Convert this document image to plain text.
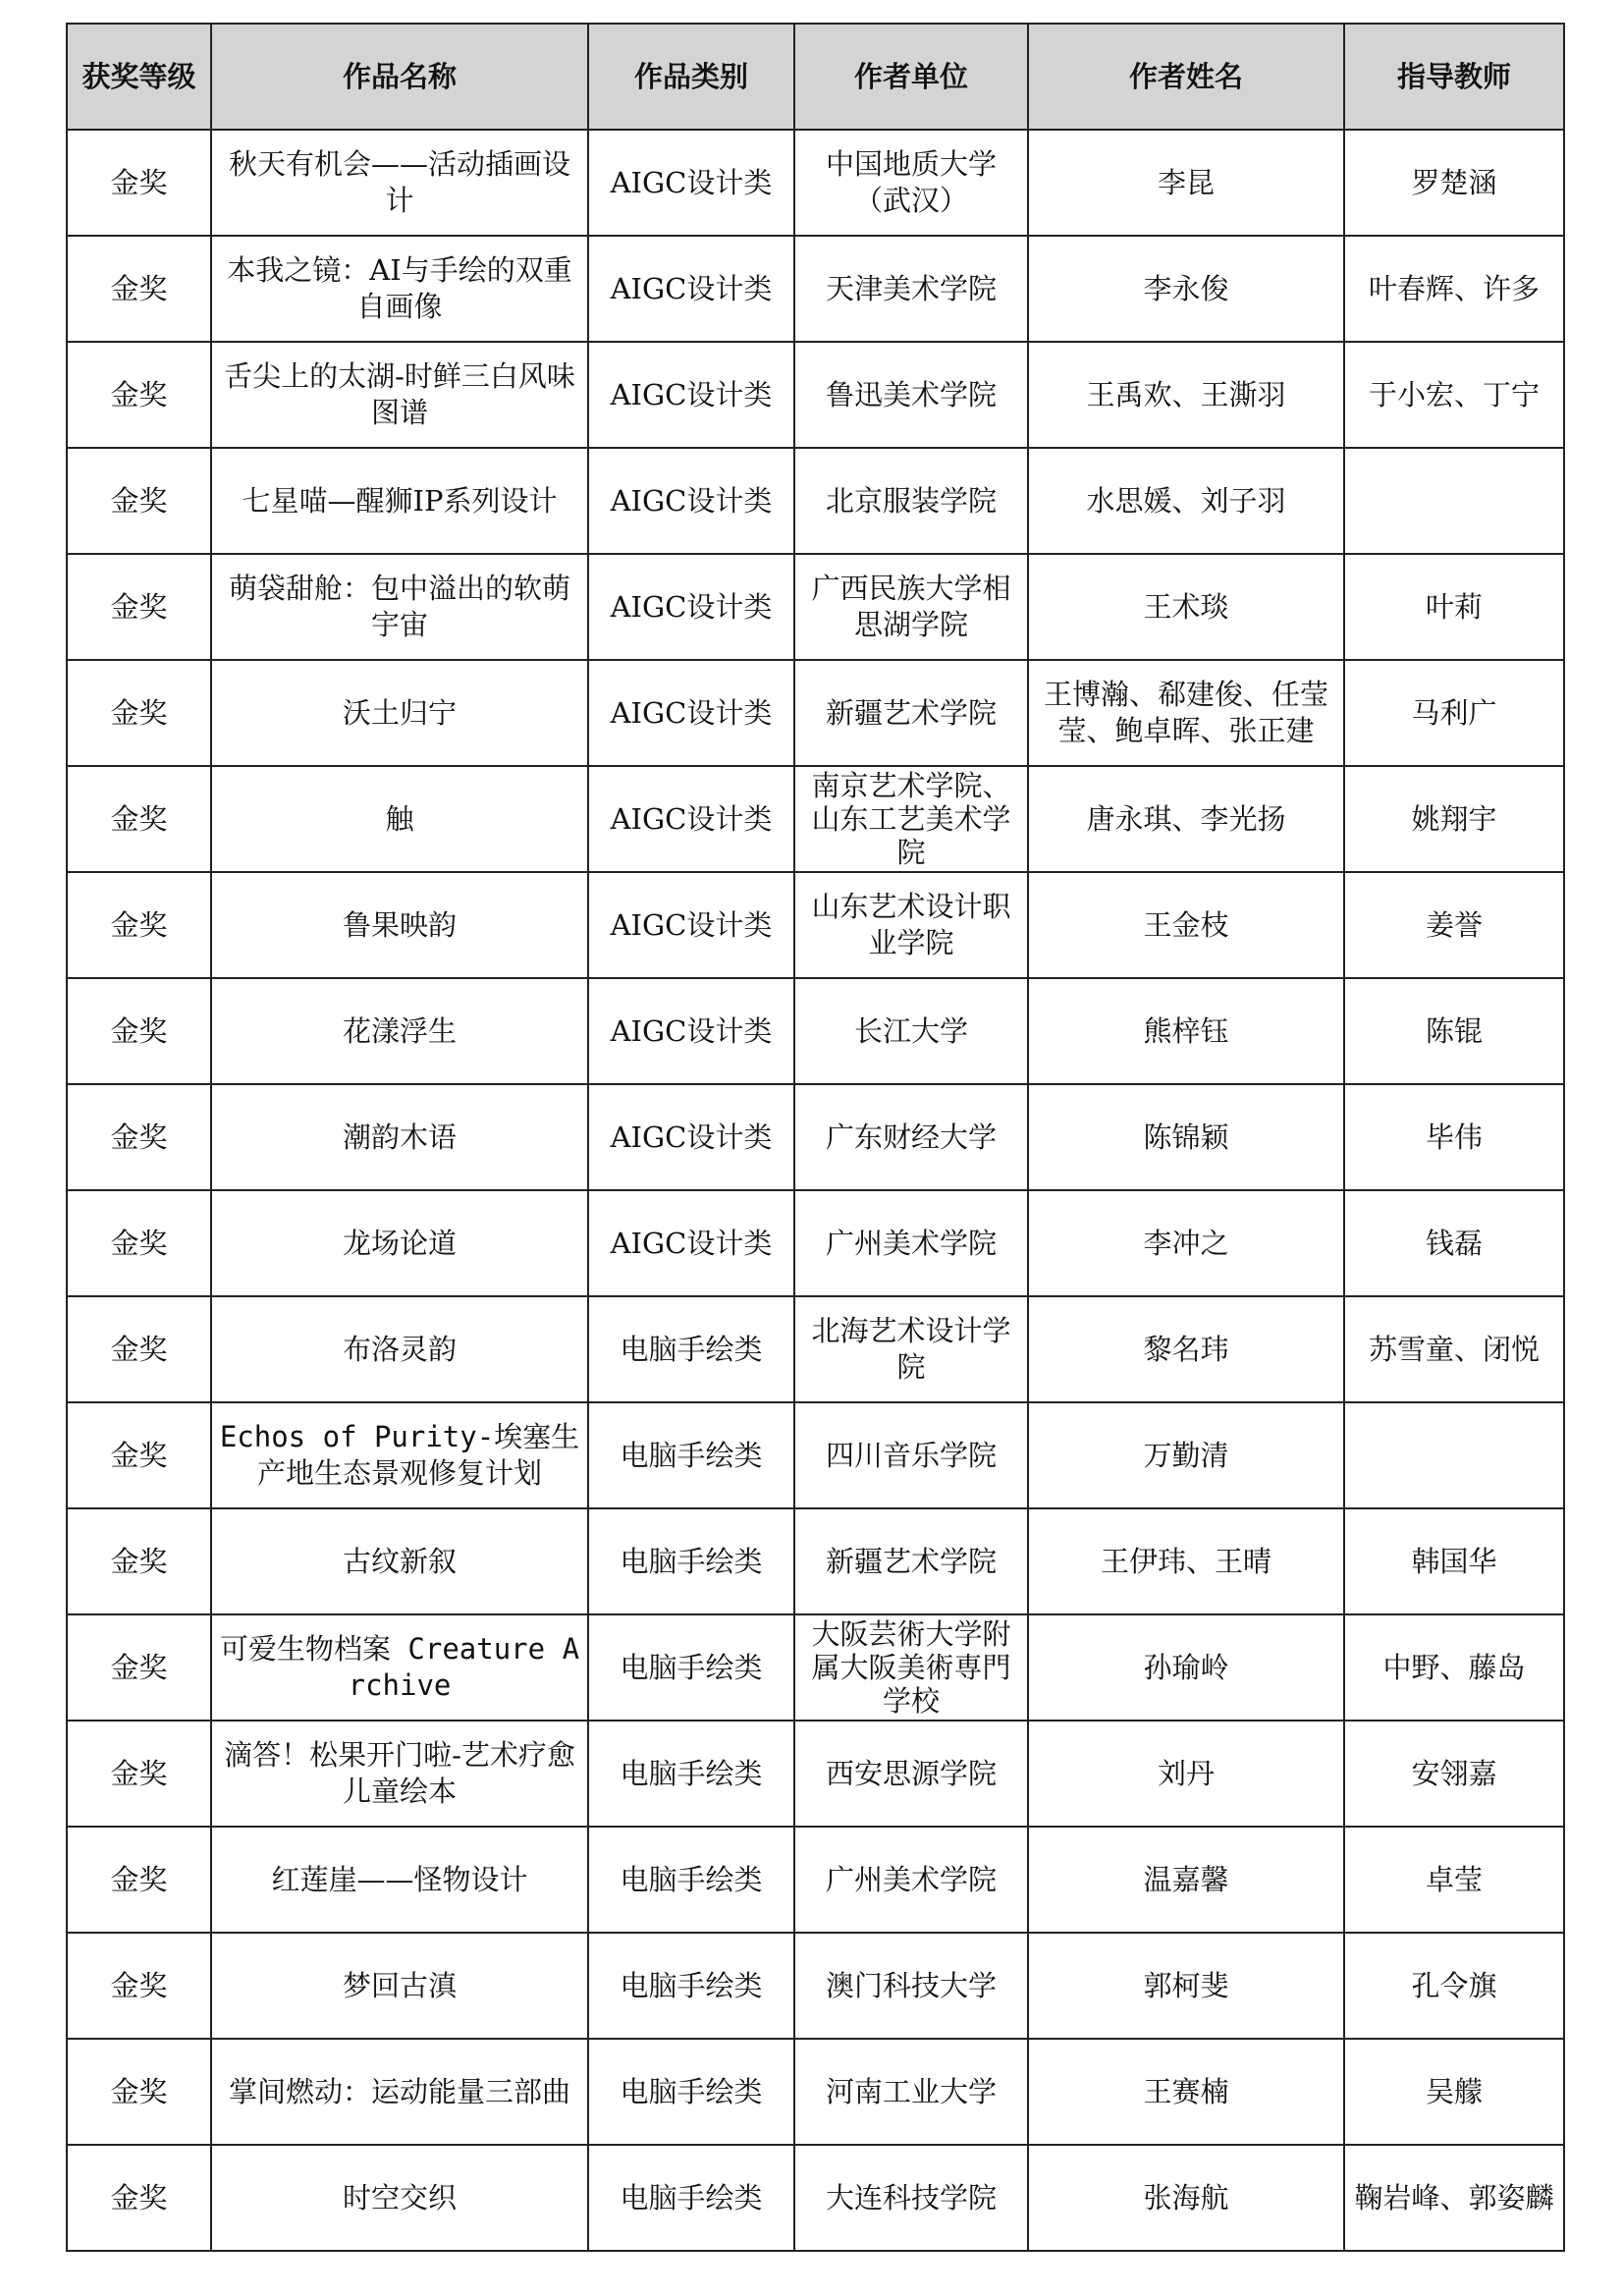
获奖等级	作品名称	作品类别	作者单位	作者姓名	指导教师
金奖	秋天有机会——活动插画设计	AIGC设计类	中国地质大学（武汉）	李昆	罗楚涵
金奖	本我之镜：AI与手绘的双重自画像	AIGC设计类	天津美术学院	李永俊	叶春辉、许多
金奖	舌尖上的太湖-时鲜三白风味图谱	AIGC设计类	鲁迅美术学院	王禹欢、王澌羽	于小宏、丁宁
金奖	七星喵—醒狮IP系列设计	AIGC设计类	北京服装学院	水思媛、刘子羽	
金奖	萌袋甜舱：包中溢出的软萌宇宙	AIGC设计类	广西民族大学相思湖学院	王术琰	叶莉
金奖	沃土归宁	AIGC设计类	新疆艺术学院	王博瀚、郗建俊、任莹莹、鲍卓晖、张正建	马利广
金奖	触	AIGC设计类	南京艺术学院、山东工艺美术学院	唐永琪、李光扬	姚翔宇
金奖	鲁果映韵	AIGC设计类	山东艺术设计职业学院	王金枝	姜誉
金奖	花漾浮生	AIGC设计类	长江大学	熊梓钰	陈锟
金奖	潮韵木语	AIGC设计类	广东财经大学	陈锦颖	毕伟
金奖	龙场论道	AIGC设计类	广州美术学院	李冲之	钱磊
金奖	布洛灵韵	电脑手绘类	北海艺术设计学院	黎名玮	苏雪童、闭悦
金奖	Echos of Purity-埃塞生产地生态景观修复计划	电脑手绘类	四川音乐学院	万勤清	
金奖	古纹新叙	电脑手绘类	新疆艺术学院	王伊玮、王晴	韩国华
金奖	可爱生物档案 Creature Archive	电脑手绘类	大阪芸術大学附属大阪美術専門学校	孙瑜岭	中野、藤岛
金奖	滴答！松果开门啦-艺术疗愈儿童绘本	电脑手绘类	西安思源学院	刘丹	安翎嘉
金奖	红莲崖——怪物设计	电脑手绘类	广州美术学院	温嘉馨	卓莹
金奖	梦回古滇	电脑手绘类	澳门科技大学	郭柯斐	孔令旗
金奖	掌间燃动：运动能量三部曲	电脑手绘类	河南工业大学	王赛楠	吴艨
金奖	时空交织	电脑手绘类	大连科技学院	张海航	鞠岩峰、郭姿麟
